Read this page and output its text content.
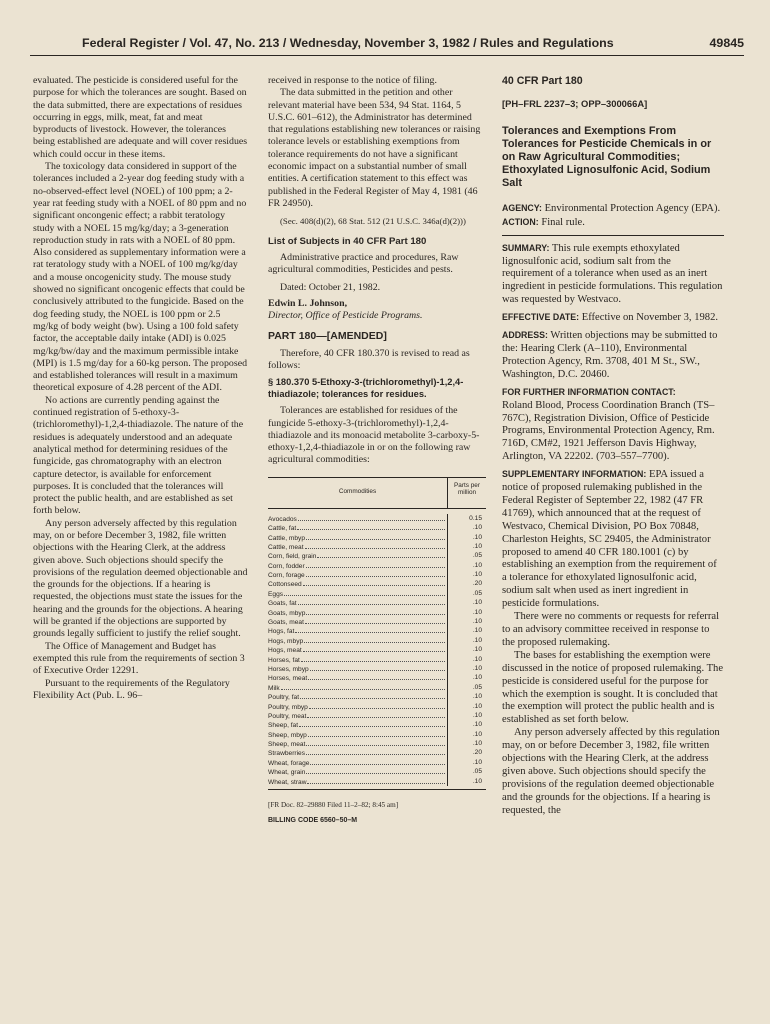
Federal Register / Vol. 47, No. 213 / Wednesday, November 3, 1982 / Rules and Regulations	49845

evaluated. The pesticide is considered useful for the purpose for which the tolerances are sought. Based on the data submitted, there are expectations of residues occurring in eggs, milk, meat, fat and meat byproducts of livestock. However, the tolerances being established are adequate and will cover residues which could occur in these items.

The toxicology data considered in support of the tolerances included a 2-year dog feeding study with a no-observed-effect level (NOEL) of 100 ppm; a 2-year rat feeding study with a NOEL of 80 ppm and no significant oncongenic effect; a rabbit teratology study with a NOEL 15 mg/kg/day; a 3-generation reproduction study in rats with a NOEL of 80 ppm. Also considered as supplementary information were a rat teratology study with a NOEL of 100 mg/kg/day and a mouse oncogenicity study. The mouse study showed no significant oncogenic effects that could be conclusively attributed to the fungicide. Based on the dog feeding study, the NOEL is 100 ppm or 2.5 mg/kg of body weight (bw). Using a 100 fold safety factor, the acceptable daily intake (ADI) is 0.025 mg/kg/bw/day and the maximum permissible intake (MPI) is 1.5 mg/day for a 60-kg person. The proposed and established tolerances will result in a maximum theoretical exposure of 4.28 percent of the ADI.

No actions are currently pending against the continued registration of 5-ethoxy-3-(trichloromethyl)-1,2,4-thiadiazole. The nature of the residues is adequately understood and an adequate analytical method for determining residues of the fungicide, gas chromatography with an electron capture detector, is available for enforcement purposes. It is concluded that the tolerances will protect the public health, and are established as set forth below.

Any person adversely affected by this regulation may, on or before December 3, 1982, file written objections with the Hearing Clerk, at the address given above. Such objections should specify the provisions of the regulation deemed objectionable and the grounds for the objections. If a hearing is requested, the objections must state the issues for the hearing and the grounds for the objections. A hearing will be granted if the objections are supported by grounds legally sufficient to justify the relief sought.

The Office of Management and Budget has exempted this rule from the requirements of section 3 of Executive Order 12291.

Pursuant to the requirements of the Regulatory Flexibility Act (Pub. L. 96–

received in response to the notice of filing.

The data submitted in the petition and other relevant material have been 534, 94 Stat. 1164, 5 U.S.C. 601–612), the Administrator has determined that regulations establishing new tolerances or raising tolerance levels or establishing exemptions from tolerance requirements do not have a significant economic impact on a substantial number of small entities. A certification statement to this effect was published in the Federal Register of May 4, 1981 (46 FR 24950).

(Sec. 408(d)(2), 68 Stat. 512 (21 U.S.C. 346a(d)(2)))

List of Subjects in 40 CFR Part 180

Administrative practice and procedures, Raw agricultural commodities, Pesticides and pests.

Dated: October 21, 1982.

Edwin L. Johnson,

Director, Office of Pesticide Programs.

PART 180—[AMENDED]

Therefore, 40 CFR 180.370 is revised to read as follows:

§ 180.370 5-Ethoxy-3-(trichloromethyl)-1,2,4-thiadiazole; tolerances for residues.

Tolerances are established for residues of the fungicide 5-ethoxy-3-(trichloromethyl)-1,2,4-thiadiazole and its monoacid metabolite 3-carboxy-5-ethoxy-1,2,4-thiadiazole in or on the following raw agricultural commodities:

Commodities
Parts per million
Avocados	0.15
Cattle, fat	.10
Cattle, mbyp	.10
Cattle, meat	.10
Corn, field, grain	.05
Corn, fodder	.10
Corn, forage	.10
Cottonseed	.20
Eggs	.05
Goats, fat	.10
Goats, mbyp	.10
Goats, meat	.10
Hogs, fat	.10
Hogs, mbyp	.10
Hogs, meat	.10
Horses, fat	.10
Horses, mbyp	.10
Horses, meat	.10
Milk	.05
Poultry, fat	.10
Poultry, mbyp	.10
Poultry, meat	.10
Sheep, fat	.10
Sheep, mbyp	.10
Sheep, meat	.10
Strawberries	.20
Wheat, forage	.10
Wheat, grain	.05
Wheat, straw	.10

[FR Doc. 82–29880 Filed 11–2–82; 8:45 am]

BILLING CODE 6560–50–M

40 CFR Part 180

[PH–FRL 2237–3; OPP–300066A]

Tolerances and Exemptions From Tolerances for Pesticide Chemicals in or on Raw Agricultural Commodities; Ethoxylated Lignosulfonic Acid, Sodium Salt

AGENCY: Environmental Protection Agency (EPA).

ACTION: Final rule.

SUMMARY: This rule exempts ethoxylated lignosulfonic acid, sodium salt from the requirement of a tolerance when used as an inert ingredient in pesticide formulations. This regulation was requested by Westvaco.

EFFECTIVE DATE: Effective on November 3, 1982.

ADDRESS: Written objections may be submitted to the: Hearing Clerk (A–110), Environmental Protection Agency, Rm. 3708, 401 M St., SW., Washington, D.C. 20460.

FOR FURTHER INFORMATION CONTACT:
Roland Blood, Process Coordination Branch (TS–767C), Registration Division, Office of Pesticide Programs, Environmental Protection Agency, Rm. 716D, CM#2, 1921 Jefferson Davis Highway, Arlington, VA 22202. (703–557–7700).

SUPPLEMENTARY INFORMATION: EPA issued a notice of proposed rulemaking published in the Federal Register of September 22, 1982 (47 FR 41769), which announced that at the request of Westvaco, Chemical Division, PO Box 70848, Charleston Heights, SC 29405, the Administrator proposed to amend 40 CFR 180.1001 (c) by establishing an exemption from the requirement of a tolerance for ethoxylated lignosulfonic acid, sodium salt when used as inert ingredient in pesticide formulations.

There were no comments or requests for referral to an advisory committee received in response to the proposed rulemaking.

The bases for establishing the exemption were discussed in the notice of proposed rulemaking. The pesticide is considered useful for the purpose for which the exemption is sought. It is concluded that the exemption will protect the public health and is established as set forth below.

Any person adversely affected by this regulation may, on or before December 3, 1982, file written objections with the Hearing Clerk, at the address given above. Such objections should specify the provisions of the regulation deemed objectionable and the grounds for the objections. If a hearing is requested, the
